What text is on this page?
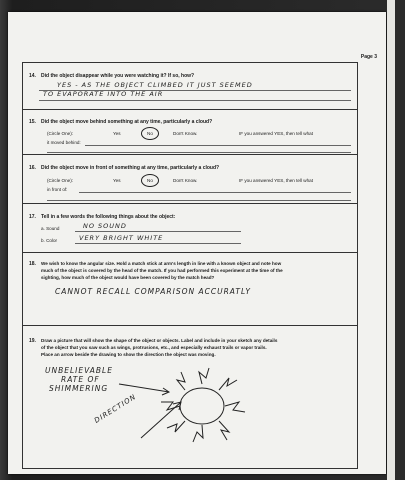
Page 3
14. Did the object disappear while you were watching it? If so, how?
YES - AS THE OBJECT CLIMBED IT JUST SEEMED
TO EVAPORATE INTO THE AIR
15. Did the object move behind something at any time, particularly a cloud?
(Circle One):	Yes	No	Don't Know.	IF you answered YES, then tell what
it moved behind:
16. Did the object move in front of something at any time, particularly a cloud?
(Circle One):	Yes	No	Don't Know.	IF you answered YES, then tell what
in front of:
17. Tell in a few words the following things about the object:
a. Sound	NO SOUND
b. Color	VERY BRIGHT WHITE
18. We wish to know the angular size. Hold a match stick at arm's length in line with a known object and note how
much of the object is covered by the head of the match. If you had performed this experiment at the time of the
sighting, how much of the object would have been covered by the match head?
CANNOT RECALL COMPARISON ACCURATLY
19. Draw a picture that will show the shape of the object or objects. Label and include in your sketch any details
of the object that you saw such as wings, protrusions, etc., and especially exhaust trails or vapor trails.
Place an arrow beside the drawing to show the direction the object was moving.
UNBELIEVABLE
RATE OF
SHIMMERING
DIRECTION
